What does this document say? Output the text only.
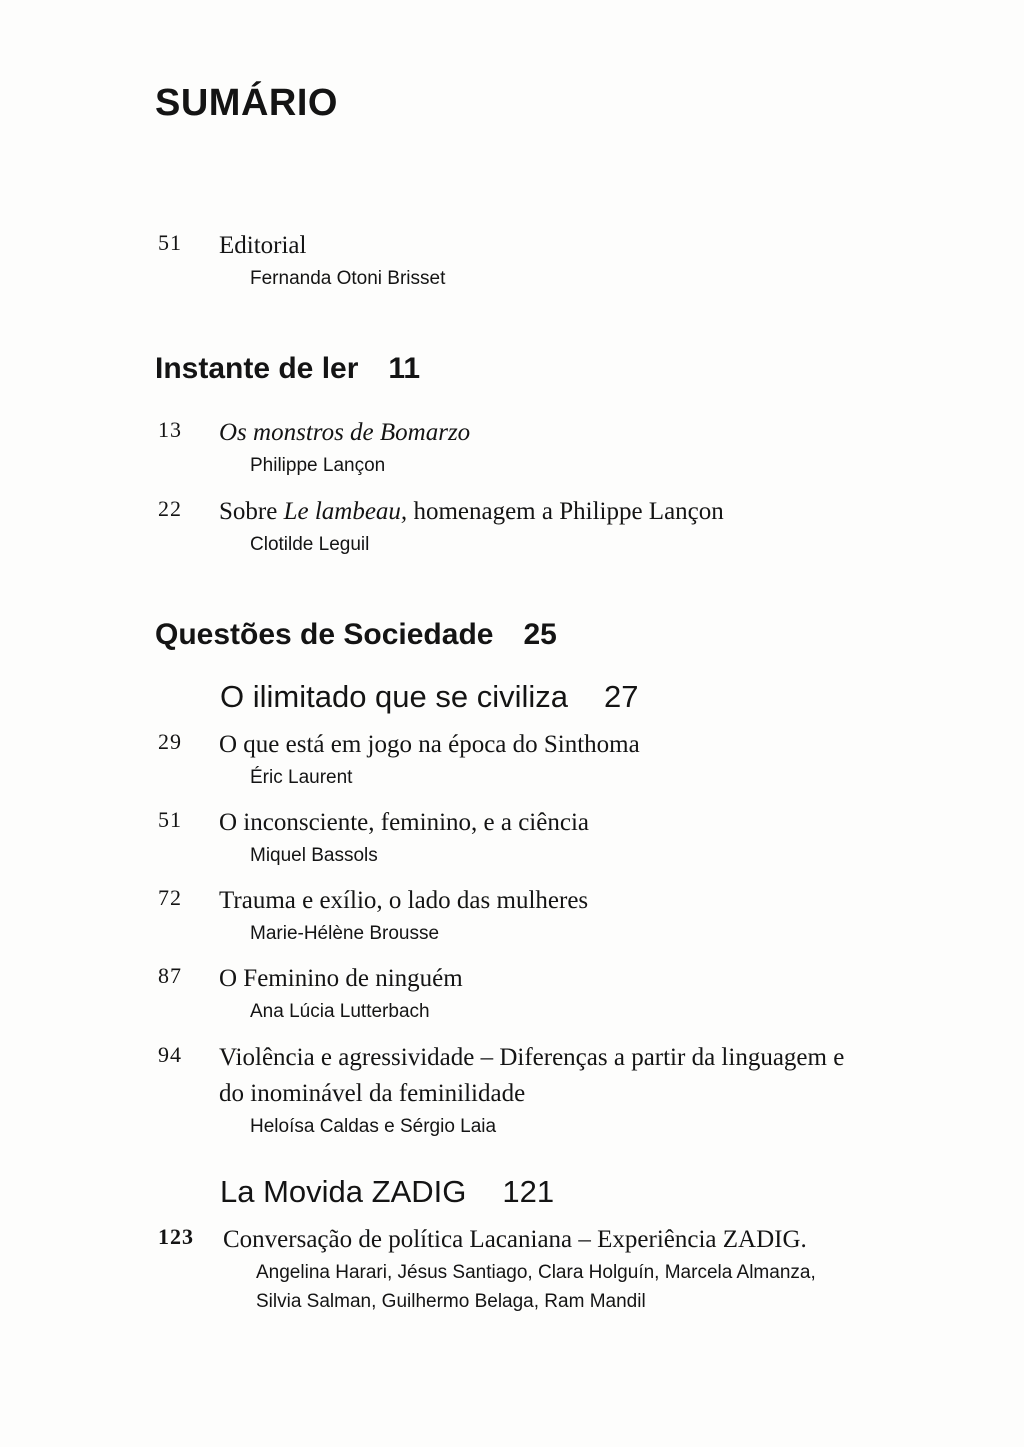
SUMÁRIO
51	Editorial
Fernanda Otoni Brisset
Instante de ler 11
13	Os monstros de Bomarzo
Philippe Lançon
22	Sobre Le lambeau, homenagem a Philippe Lançon
Clotilde Leguil
Questões de Sociedade 25
O ilimitado que se civiliza 27
29	O que está em jogo na época do Sinthoma
Éric Laurent
51	O inconsciente, feminino, e a ciência
Miquel Bassols
72	Trauma e exílio, o lado das mulheres
Marie-Hélène Brousse
87	O Feminino de ninguém
Ana Lúcia Lutterbach
94	Violência e agressividade – Diferenças a partir da linguagem e
do inominável da feminilidade
Heloísa Caldas e Sérgio Laia
La Movida ZADIG 121
123 Conversação de política Lacaniana – Experiência ZADIG.
Angelina Harari, Jésus Santiago, Clara Holguín, Marcela Almanza,
Silvia Salman, Guilhermo Belaga, Ram Mandil
